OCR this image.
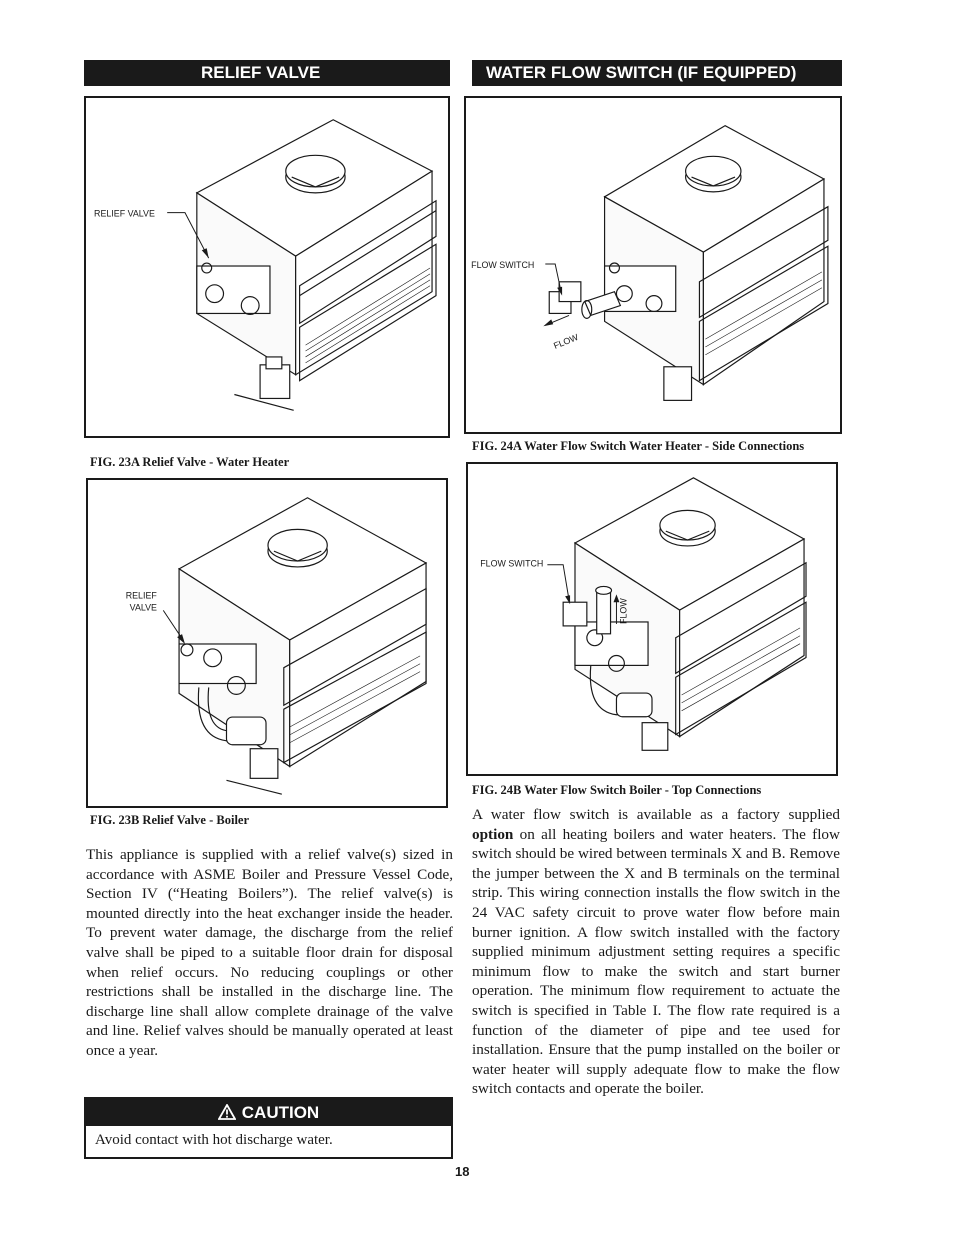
RELIEF VALVE	WATER FLOW SWITCH (IF EQUIPPED)
RELIEF VALVE
FIG. 23A Relief Valve - Water Heater
RELIEF
VALVE
FIG. 23B Relief Valve - Boiler
FLOW SWITCH
FLOW
FIG. 24A Water Flow Switch Water Heater - Side Connections
FLOW SWITCH
FLOW
FIG. 24B Water Flow Switch Boiler - Top Connections
This appliance is supplied with a relief valve(s) sized in accordance with ASME Boiler and Pressure Vessel Code, Section IV (“Heating Boilers”). The relief valve(s) is mounted directly into the heat exchanger inside the header. To prevent water damage, the discharge from the relief valve shall be piped to a suitable floor drain for disposal when relief occurs. No reducing couplings or other restrictions shall be installed in the discharge line. The discharge line shall allow complete drainage of the valve and line. Relief valves should be manually operated at least once a year.
A water flow switch is available as a factory supplied option on all heating boilers and water heaters. The flow switch should be wired between terminals X and B. Remove the jumper between the X and B terminals on the terminal strip. This wiring connection installs the flow switch in the 24 VAC safety circuit to prove water flow before main burner ignition. A flow switch installed with the factory supplied minimum adjustment setting requires a specific minimum flow to make the switch and start burner operation. The minimum flow requirement to actuate the switch is specified in Table I. The flow rate required is a function of the diameter of pipe and tee used for installation. Ensure that the pump installed on the boiler or water heater will supply adequate flow to make the flow switch contacts and operate the boiler.
CAUTION
Avoid contact with hot discharge water.
18
